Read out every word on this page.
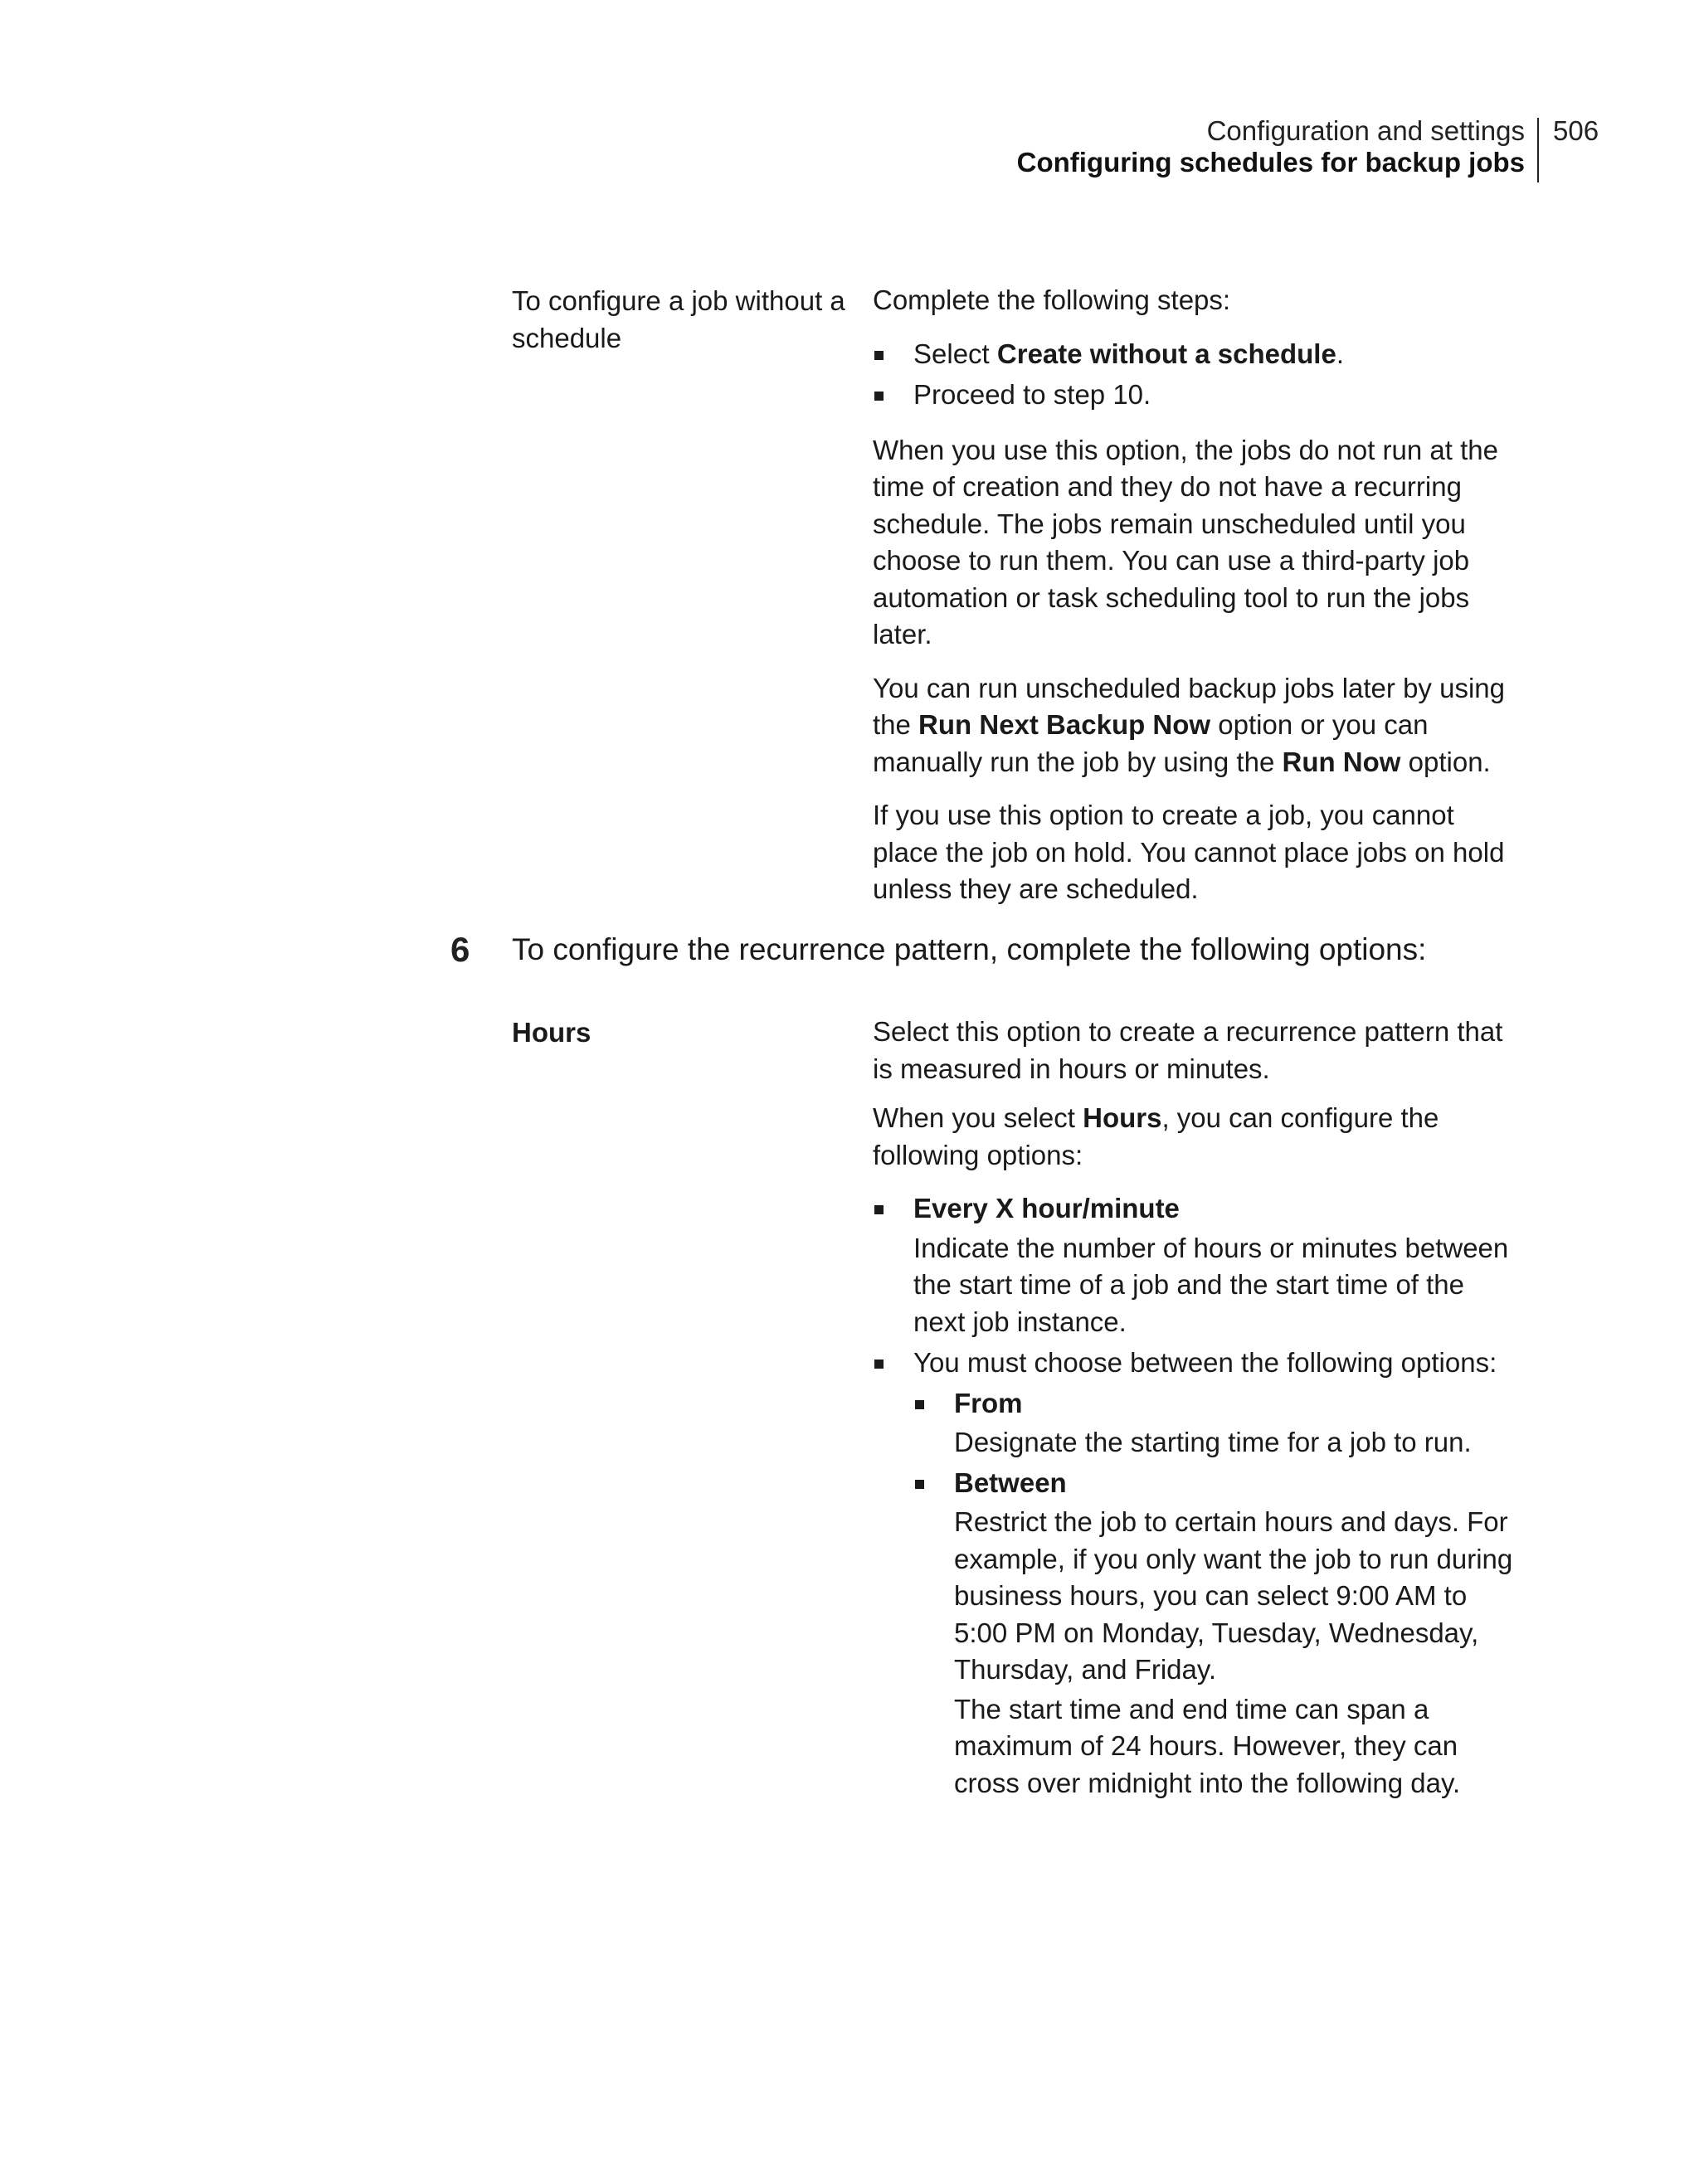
Configuration and settings
Configuring schedules for backup jobs
506
To configure a job without a schedule

Complete the following steps:

Select Create without a schedule.
Proceed to step 10.

When you use this option, the jobs do not run at the time of creation and they do not have a recurring schedule. The jobs remain unscheduled until you choose to run them. You can use a third-party job automation or task scheduling tool to run the jobs later.

You can run unscheduled backup jobs later by using the Run Next Backup Now option or you can manually run the job by using the Run Now option.

If you use this option to create a job, you cannot place the job on hold. You cannot place jobs on hold unless they are scheduled.

6 To configure the recurrence pattern, complete the following options:
Hours	Select this option to create a recurrence pattern that is measured in hours or minutes.

When you select Hours, you can configure the following options:

Every X hour/minute
Indicate the number of hours or minutes between the start time of a job and the start time of the next job instance.
You must choose between the following options:
From
Designate the starting time for a job to run.
Between
Restrict the job to certain hours and days. For example, if you only want the job to run during business hours, you can select 9:00 AM to 5:00 PM on Monday, Tuesday, Wednesday, Thursday, and Friday.
The start time and end time can span a maximum of 24 hours. However, they can cross over midnight into the following day.
